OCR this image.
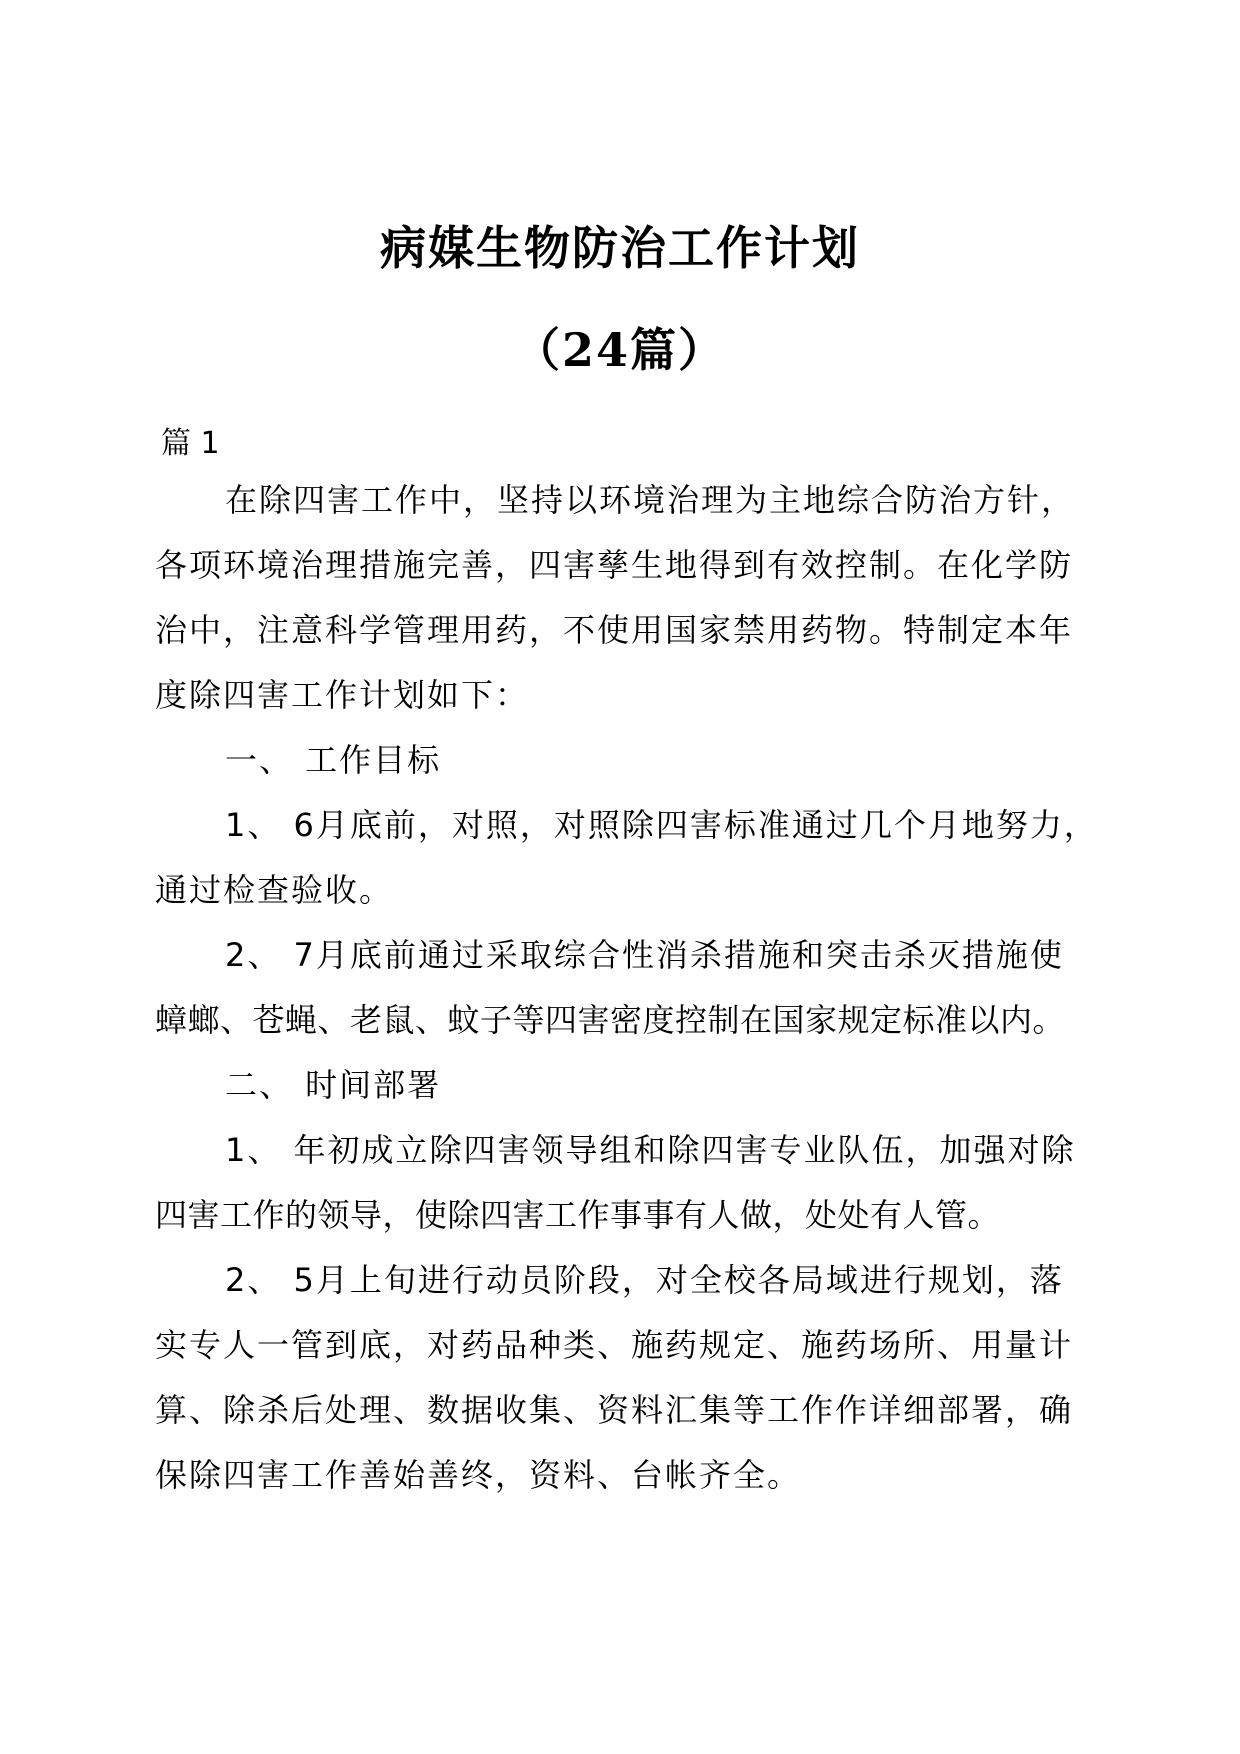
病媒生物防治工作计划
（24篇）
篇 1
在除四害工作中，坚持以环境治理为主地综合防治方针，
各项环境治理措施完善，四害孳生地得到有效控制。在化学防
治中，注意科学管理用药，不使用国家禁用药物。特制定本年
度除四害工作计划如下：
一、 工作目标
1、 6月底前，对照，对照除四害标准通过几个月地努力，
通过检查验收。
2、 7月底前通过采取综合性消杀措施和突击杀灭措施使
蟑螂、苍蝇、老鼠、蚊子等四害密度控制在国家规定标准以内。
二、 时间部署
1、 年初成立除四害领导组和除四害专业队伍，加强对除
四害工作的领导，使除四害工作事事有人做，处处有人管。
2、 5月上旬进行动员阶段，对全校各局域进行规划，落
实专人一管到底，对药品种类、施药规定、施药场所、用量计
算、除杀后处理、数据收集、资料汇集等工作作详细部署，确
保除四害工作善始善终，资料、台帐齐全。
